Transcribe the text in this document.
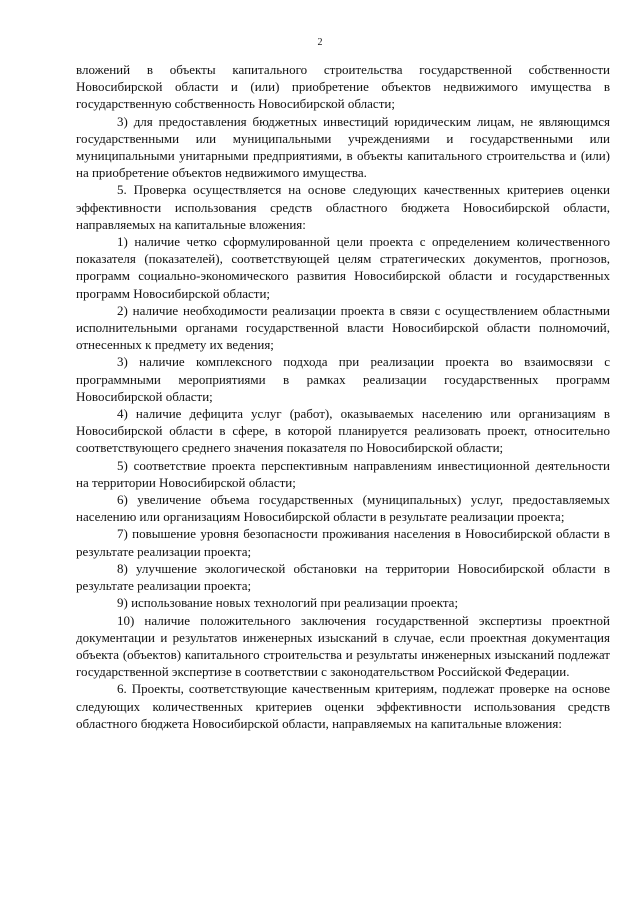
2

вложений в объекты капитального строительства государственной собственности Новосибирской области и (или) приобретение объектов недвижимого имущества в государственную собственность Новосибирской области;

3) для предоставления бюджетных инвестиций юридическим лицам, не являющимся государственными или муниципальными учреждениями и государственными или муниципальными унитарными предприятиями, в объекты капитального строительства и (или) на приобретение объектов недвижимого имущества.

5. Проверка осуществляется на основе следующих качественных критериев оценки эффективности использования средств областного бюджета Новосибирской области, направляемых на капитальные вложения:

1) наличие четко сформулированной цели проекта с определением количественного показателя (показателей), соответствующей целям стратегических документов, прогнозов, программ социально-экономического развития Новосибирской области и государственных программ Новосибирской области;

2) наличие необходимости реализации проекта в связи с осуществлением областными исполнительными органами государственной власти Новосибирской области полномочий, отнесенных к предмету их ведения;

3) наличие комплексного подхода при реализации проекта во взаимосвязи с программными мероприятиями в рамках реализации государственных программ Новосибирской области;

4) наличие дефицита услуг (работ), оказываемых населению или организациям в Новосибирской области в сфере, в которой планируется реализовать проект, относительно соответствующего среднего значения показателя по Новосибирской области;

5) соответствие проекта перспективным направлениям инвестиционной деятельности на территории Новосибирской области;

6) увеличение объема государственных (муниципальных) услуг, предоставляемых населению или организациям Новосибирской области в результате реализации проекта;

7) повышение уровня безопасности проживания населения в Новосибирской области в результате реализации проекта;

8) улучшение экологической обстановки на территории Новосибирской области в результате реализации проекта;

9) использование новых технологий при реализации проекта;

10) наличие положительного заключения государственной экспертизы проектной документации и результатов инженерных изысканий в случае, если проектная документация объекта (объектов) капитального строительства и результаты инженерных изысканий подлежат государственной экспертизе в соответствии с законодательством Российской Федерации.

6. Проекты, соответствующие качественным критериям, подлежат проверке на основе следующих количественных критериев оценки эффективности использования средств областного бюджета Новосибирской области, направляемых на капитальные вложения:
